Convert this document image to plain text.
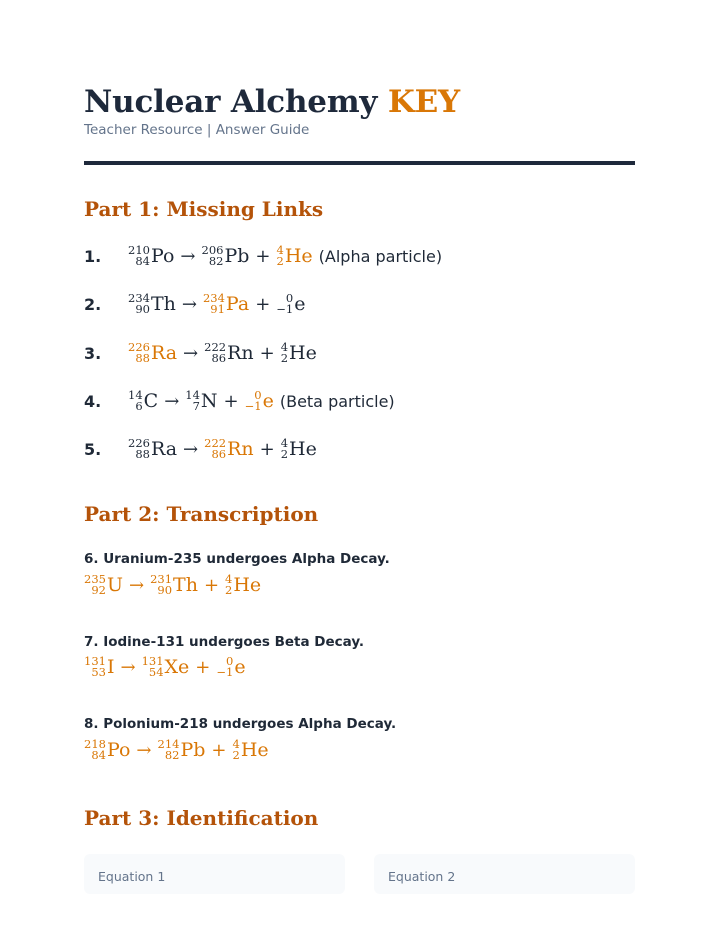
Nuclear Alchemy KEY
Teacher Resource | Answer Guide
Part 1: Missing Links
1.	210
84 Po → 206
82 Pb + 4
2 He (Alpha particle)
2.	234
90 Th → 234
91 Pa + 0
−1 e
3.	226
88 Ra → 222
86 Rn + 4
2 He
4.	14
6 C → 14
7 N + 0
−1 e (Beta particle)
5.	226
88 Ra → 222
86 Rn + 4
2 He
Part 2: Transcription
6. Uranium-235 undergoes Alpha Decay.
235
92 U → 231
90 Th + 4
2 He
7. Iodine-131 undergoes Beta Decay.
131
53 I → 131
54 Xe + 0
−1 e
8. Polonium-218 undergoes Alpha Decay.
218
84 Po → 214
82 Pb + 4
2 He
Part 3: Identification
Equation 1	Equation 2
